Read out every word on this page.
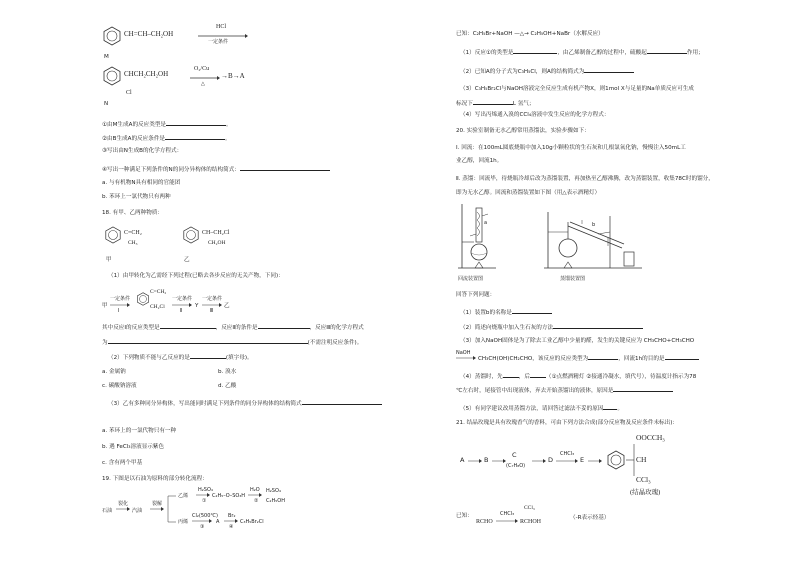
CH=CH–CH₂OH
HCl
一定条件
M
CHCH₂CH₂OH
Cl
O₂/Cu
△
→B→A
N
①由M生成A的反应类型是	。
②由B生成A的反应条件是	。
③写出由N生成B的化学方程式：
④写出一种满足下列条件的N的同分异构体的结构简式：
a. 与有机物N具有相同的官能团
b. 苯环上一氯代物只有两种
18. 有甲、乙两种物质：
C=CH₂
CH₃
CH–CH₂Cl
CH₂OH
甲	乙
（1）由甲转化为乙需经下列过程(已略去各步反应的无关产物，下同)：
甲
一定条件
Ⅰ
C=CH₂
CH₂Cl
一定条件
Ⅱ
Y
一定条件
Ⅲ
乙
其中反应Ⅰ的反应类型是	，反应Ⅱ的条件是	，反应Ⅲ的化学方程式
为	(不需注明反应条件)。
（2）下列物质不能与乙反应的是	(填字母)。
a. 金属钠	b. 溴水
c. 碳酸钠溶液	d. 乙酸
（3）乙有多种同分异构体，写出能同时满足下列条件的同分异构体的结构简式
a. 苯环上的一氯代物只有一种
b. 遇 FeCl₃溶液显示紫色
c. 含有两个甲基
19. 下图是以石油为原料的部分转化流程：
石油
裂化
汽油
裂解
乙烯
丙烯
H₂SO₄
①
C₂H₅–O–SO₃H
H₂O
②
H₂SO₄
C₂H₅OH
Cl₂(500℃)
③
A
Br₂
④
C₃H₅Br₂Cl
已知：C₂H₅Br+NaOH —△→ C₂H₅OH+NaBr（水解反应）
（1）反应①的类型是	，由乙烯制备乙醇的过程中，硫酸起	作用；
（2）已知A的分子式为C₃H₅Cl，则A的结构简式为
（3）C₃H₅Br₂Cl与NaOH溶液完全反应生成有机产物X，则1mol X与足量的Na单质反应可生成
标况下	L 氢气；
（4）写出丙烯通入溴的CCl₄溶液中发生反应的化学方程式：
20. 实验室制备无水乙醇常用蒸馏法，实验步骤如下：
Ⅰ. 回流：在100mL圆底烧瓶中加入10g小颗粒状的生石灰和几根氯氧化钠，慢慢注入50mL工
业乙醇，回流1h。
Ⅱ. 蒸馏：回流毕，待烧瓶冷却后改为蒸馏装置，再加热至乙醇沸腾，改为蒸馏装置，收集78C时的馏分，
即为无水乙醇。回流和蒸馏装置如下图（用△表示酒精灯）
a
回流装置图
b
蒸馏装置图
回答下列问题：
（1）装置b的名称是
（2）简述向烧瓶中加入生石灰的方法
（3）加入NaOH固体是为了除去工业乙醇中少量的醛，发生的关键反应为 CH₃CHO+CH₃CHO
NaOH
CH₃CH(OH)CH₂CHO，该反应的反应类型为	，回流1h的目的是
（4）蒸馏时，先	，后	（①点燃酒精灯 ②接通冷凝水，填代号），待温度计指示为78
℃左右时，尾接管中出现液体，弃去开始蒸馏出的液体，原因是
（5）有同学建议改用蒸馏方法，请回答过滤法不妥的原因	。
21. 结晶玫瑰是具有玫瑰香气的香料，可由下列方法合成(部分反应物及反应条件未标出)：
A	B
C
(C₇H₈O)
D
CHCl₃
E
OOCCH₃
CH
CCl₃
(结晶玫瑰)
已知：
RCHO
CHCl₃
CCl₃
RCHOH
（-R表示烃基）
